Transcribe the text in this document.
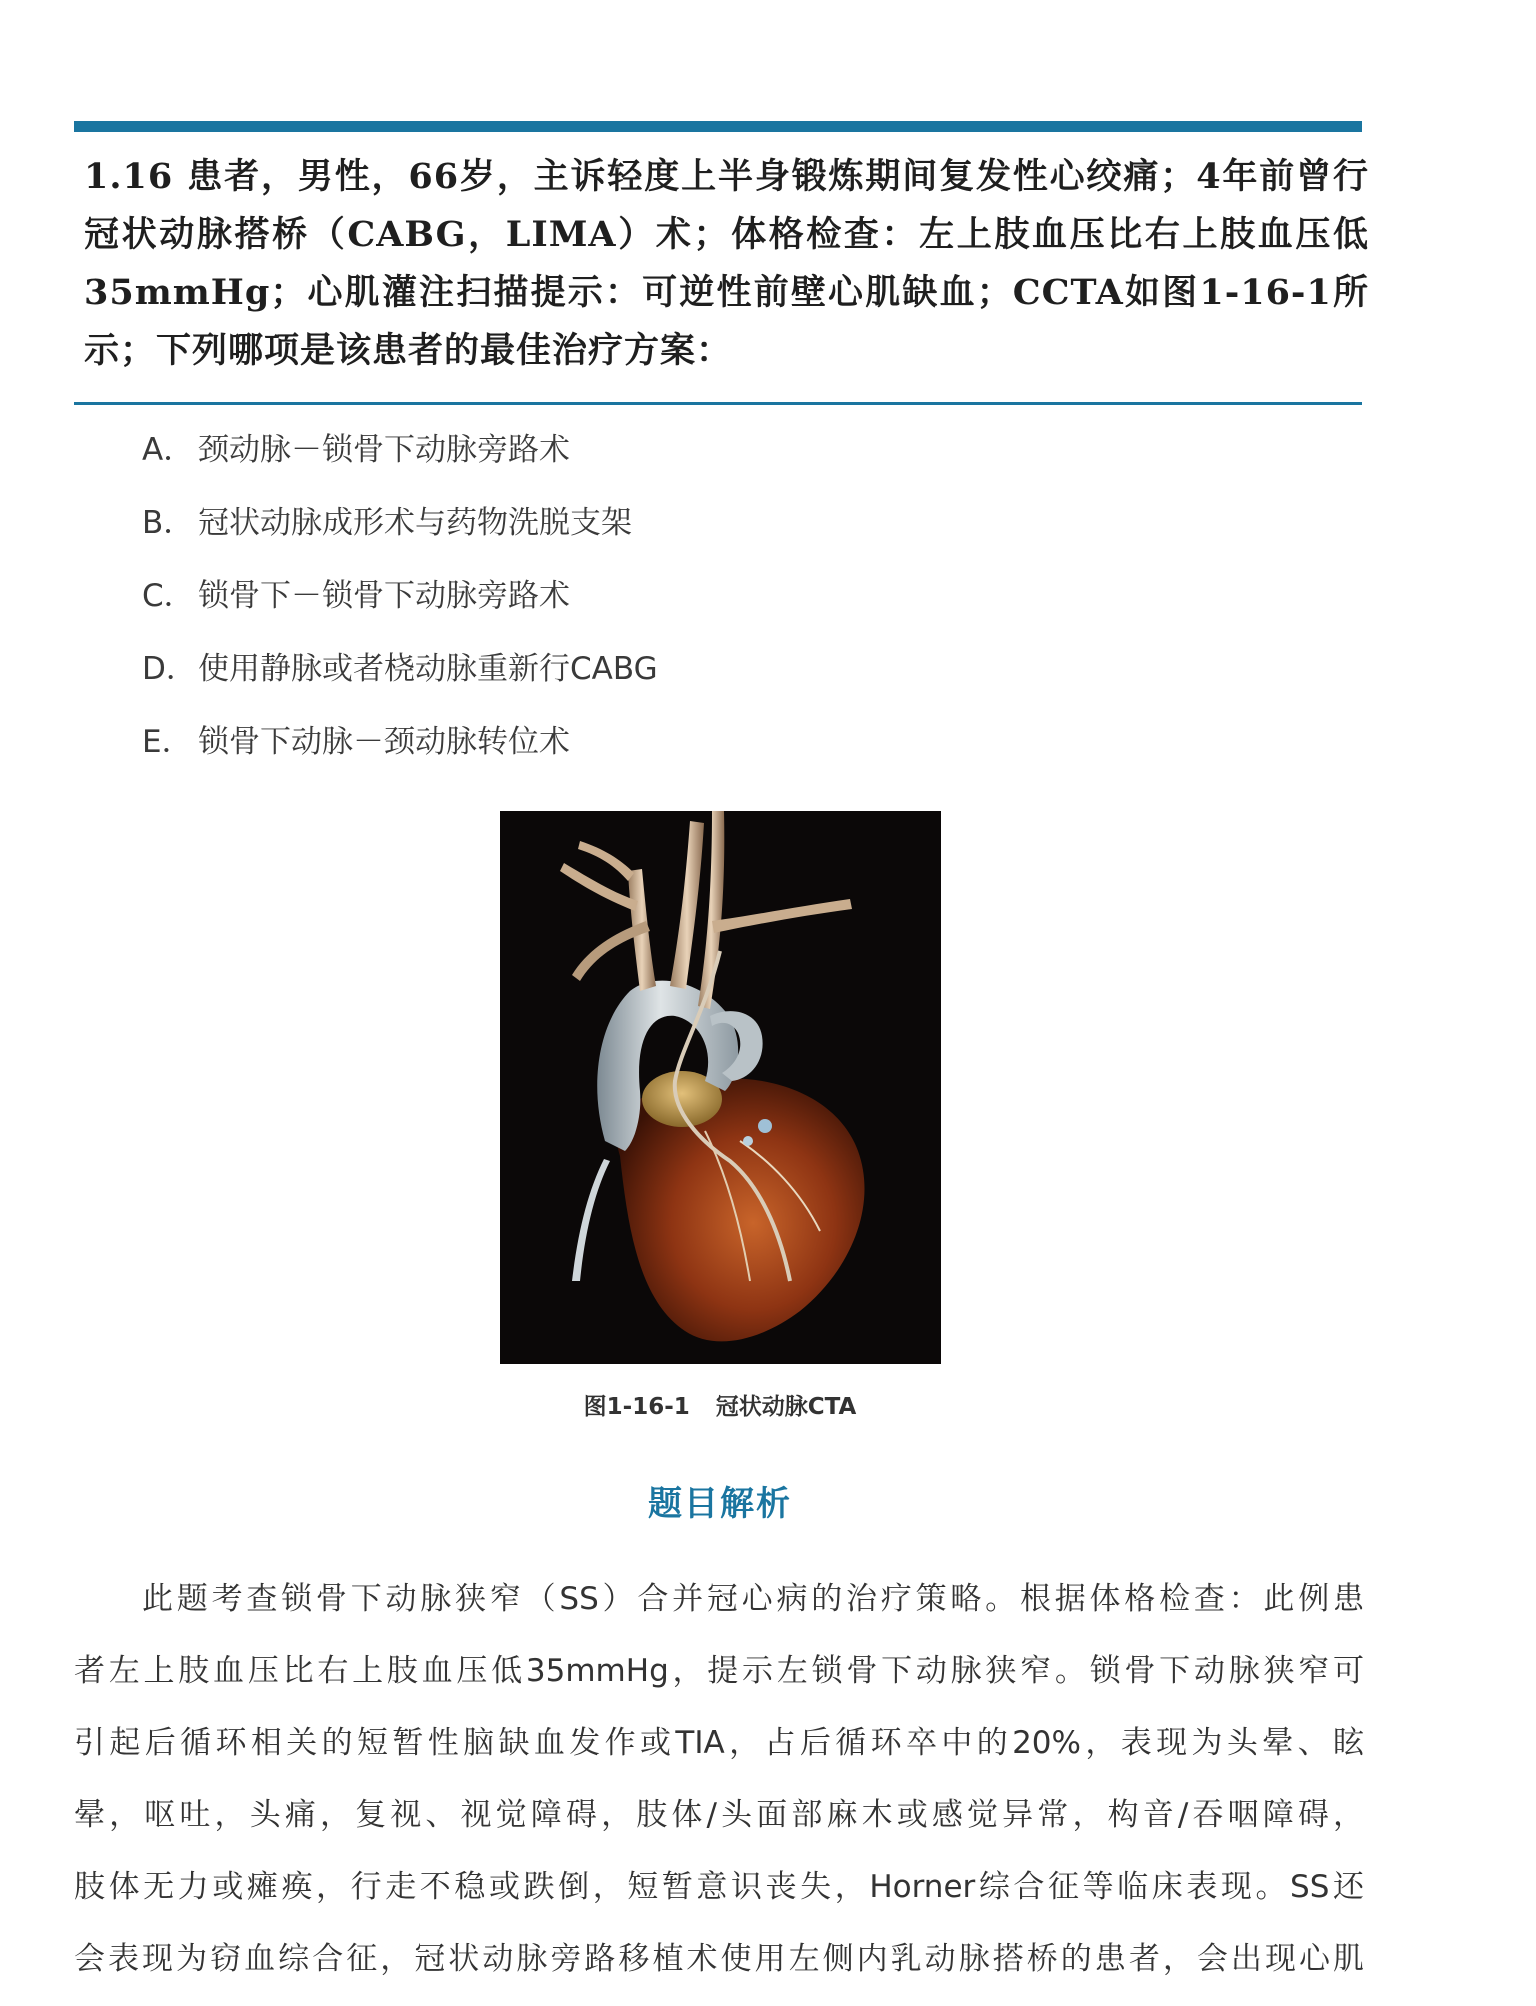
1.16 患者，男性，66岁，主诉轻度上半身锻炼期间复发性心绞痛；4年前曾行冠状动脉搭桥（CABG，LIMA）术；体格检查：左上肢血压比右上肢血压低35mmHg；心肌灌注扫描提示：可逆性前壁心肌缺血；CCTA如图1-16-1所示；下列哪项是该患者的最佳治疗方案：

A． 颈动脉－锁骨下动脉旁路术
B． 冠状动脉成形术与药物洗脱支架
C． 锁骨下－锁骨下动脉旁路术
D．使用静脉或者桡动脉重新行CABG
E． 锁骨下动脉－颈动脉转位术
图1-16-1 冠状动脉CTA
题目解析
此题考查锁骨下动脉狭窄（SS）合并冠心病的治疗策略。根据体格检查：此例患
者左上肢血压比右上肢血压低35mmHg，提示左锁骨下动脉狭窄。锁骨下动脉狭窄可
引起后循环相关的短暂性脑缺血发作或TIA，占后循环卒中的20%，表现为头晕、眩
晕，呕吐，头痛，复视、视觉障碍，肢体/头面部麻木或感觉异常，构音/吞咽障碍，
肢体无力或瘫痪，行走不稳或跌倒，短暂意识丧失，Horner综合征等临床表现。SS还
会表现为窃血综合征，冠状动脉旁路移植术使用左侧内乳动脉搭桥的患者，会出现心肌
